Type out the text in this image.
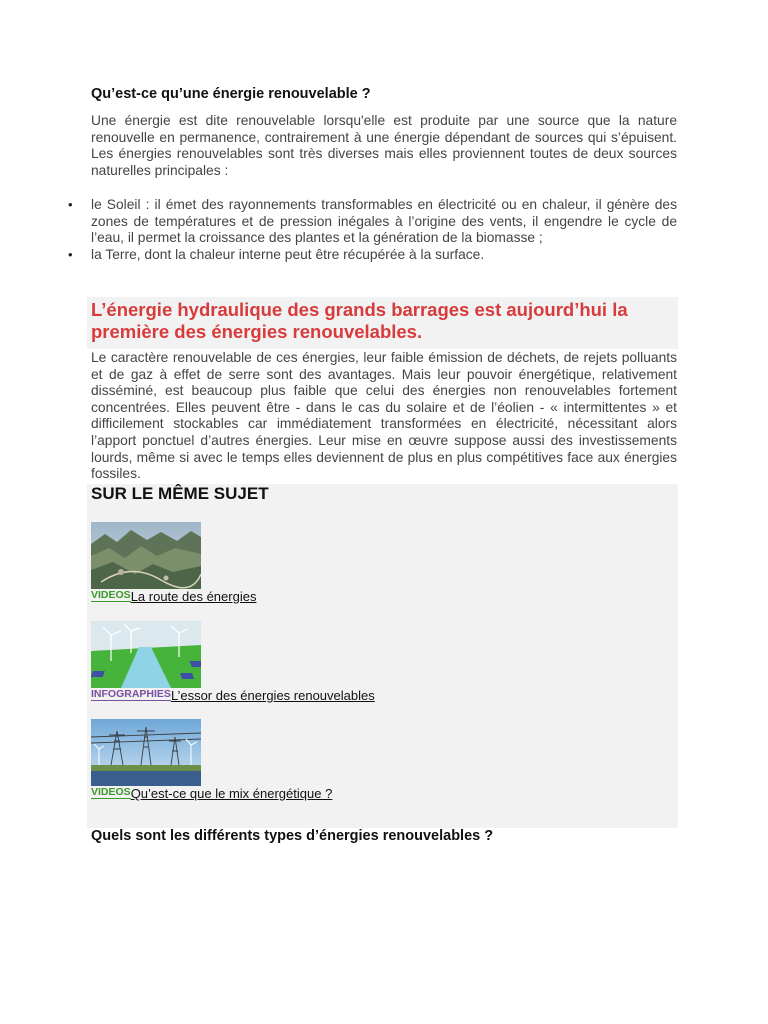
Qu’est-ce qu’une énergie renouvelable ?

Une énergie est dite renouvelable lorsqu'elle est produite par une source que la nature renouvelle en permanence, contrairement à une énergie dépendant de sources qui s’épuisent. Les énergies renouvelables sont très diverses mais elles proviennent toutes de deux sources naturelles principales :

• le Soleil : il émet des rayonnements transformables en électricité ou en chaleur, il génère des zones de températures et de pression inégales à l’origine des vents, il engendre le cycle de l’eau, il permet la croissance des plantes et la génération de la biomasse ;
• la Terre, dont la chaleur interne peut être récupérée à la surface.

L’énergie hydraulique des grands barrages est aujourd’hui la première des énergies renouvelables.

Le caractère renouvelable de ces énergies, leur faible émission de déchets, de rejets polluants et de gaz à effet de serre sont des avantages. Mais leur pouvoir énergétique, relativement disséminé, est beaucoup plus faible que celui des énergies non renouvelables fortement concentrées. Elles peuvent être - dans le cas du solaire et de l’éolien - « intermittentes » et difficilement stockables car immédiatement transformées en électricité, nécessitant alors l’apport ponctuel d’autres énergies. Leur mise en œuvre suppose aussi des investissements lourds, même si avec le temps elles deviennent de plus en plus compétitives face aux énergies fossiles.

SUR LE MÊME SUJET
$^{VIDEOS}$La route des énergies
$^{INFOGRAPHIES}$L’essor des énergies renouvelables
$^{VIDEOS}$Qu’est-ce que le mix énergétique ?
Quels sont les différents types d’énergies renouvelables ?
